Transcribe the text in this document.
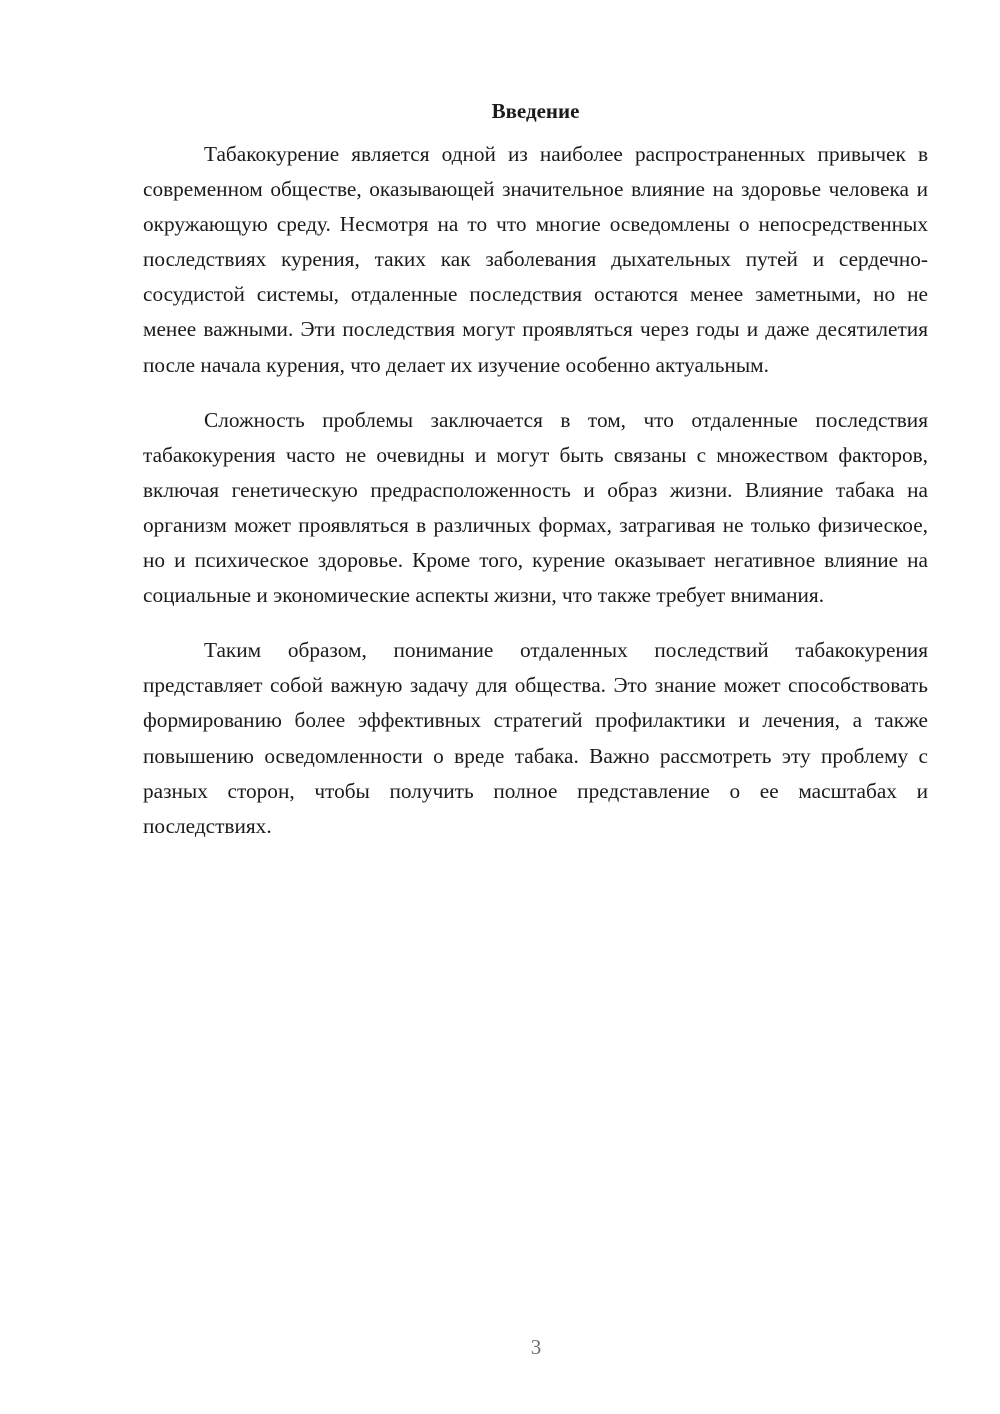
Введение

Табакокурение является одной из наиболее распространенных привычек в современном обществе, оказывающей значительное влияние на здоровье человека и окружающую среду. Несмотря на то что многие осведомлены о непосредственных последствиях курения, таких как заболевания дыхательных путей и сердечно-сосудистой системы, отдаленные последствия остаются менее заметными, но не менее важными. Эти последствия могут проявляться через годы и даже десятилетия после начала курения, что делает их изучение особенно актуальным.

Сложность проблемы заключается в том, что отдаленные последствия табакокурения часто не очевидны и могут быть связаны с множеством факторов, включая генетическую предрасположенность и образ жизни. Влияние табака на организм может проявляться в различных формах, затрагивая не только физическое, но и психическое здоровье. Кроме того, курение оказывает негативное влияние на социальные и экономические аспекты жизни, что также требует внимания.

Таким образом, понимание отдаленных последствий табакокурения представляет собой важную задачу для общества. Это знание может способствовать формированию более эффективных стратегий профилактики и лечения, а также повышению осведомленности о вреде табака. Важно рассмотреть эту проблему с разных сторон, чтобы получить полное представление о ее масштабах и последствиях.

3
